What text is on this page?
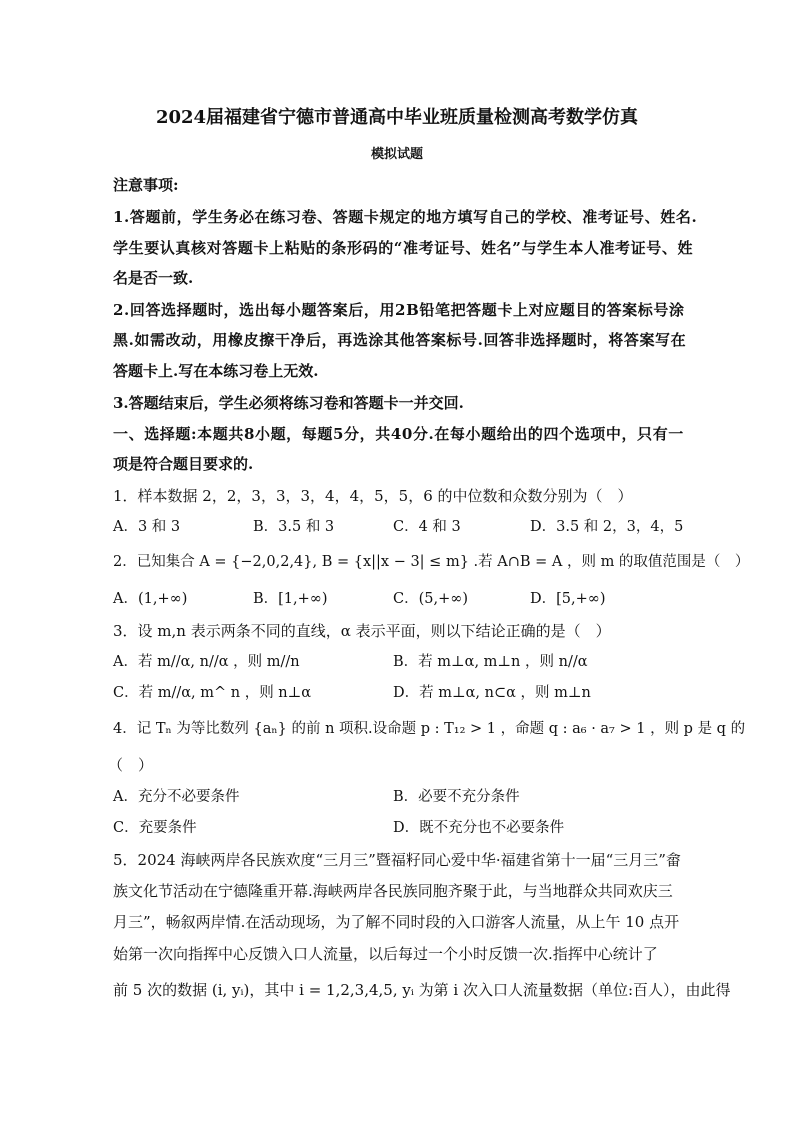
2024届福建省宁德市普通高中毕业班质量检测高考数学仿真
模拟试题
注意事项:
1.答题前，学生务必在练习卷、答题卡规定的地方填写自己的学校、准考证号、姓名.
学生要认真核对答题卡上粘贴的条形码的“准考证号、姓名”与学生本人准考证号、姓
名是否一致.
2.回答选择题时，选出每小题答案后，用2B铅笔把答题卡上对应题目的答案标号涂
黑.如需改动，用橡皮擦干净后，再选涂其他答案标号.回答非选择题时，将答案写在
答题卡上.写在本练习卷上无效.
3.答题结束后，学生必须将练习卷和答题卡一并交回.
一、选择题:本题共8小题，每题5分，共40分.在每小题给出的四个选项中，只有一
项是符合题目要求的.
1．样本数据 2，2，3，3，3，4，4，5，5，6 的中位数和众数分别为（　）
A．3 和 3	B．3.5 和 3	C．4 和 3	D．3.5 和 2，3，4，5
2．已知集合 A = {−2,0,2,4}, B = {x||x − 3| ≤ m} .若 A∩B = A ，则 m 的取值范围是（　）
A．(1,+∞)	B．[1,+∞)	C．(5,+∞)	D．[5,+∞)
3．设 m,n 表示两条不同的直线，α 表示平面，则以下结论正确的是（　）
A．若 m//α, n//α ，则 m//n	B．若 m⊥α, m⊥n ，则 n//α
C．若 m//α, m^ n ，则 n⊥α	D．若 m⊥α, n⊂α ，则 m⊥n
4．记 Tₙ 为等比数列 {aₙ} 的前 n 项积.设命题 p : T₁₂ > 1 ，命题 q : a₆ · a₇ > 1 ，则 p 是 q 的
（　）
A．充分不必要条件	B．必要不充分条件
C．充要条件	D．既不充分也不必要条件
5．2024 海峡两岸各民族欢度“三月三”暨福籽同心爱中华·福建省第十一届“三月三”畲
族文化节活动在宁德隆重开幕.海峡两岸各民族同胞齐聚于此，与当地群众共同欢庆三
月三”，畅叙两岸情.在活动现场，为了解不同时段的入口游客人流量，从上午 10 点开
始第一次向指挥中心反馈入口人流量，以后每过一个小时反馈一次.指挥中心统计了
前 5 次的数据 (i, yᵢ)，其中 i = 1,2,3,4,5, yᵢ 为第 i 次入口人流量数据（单位:百人），由此得
